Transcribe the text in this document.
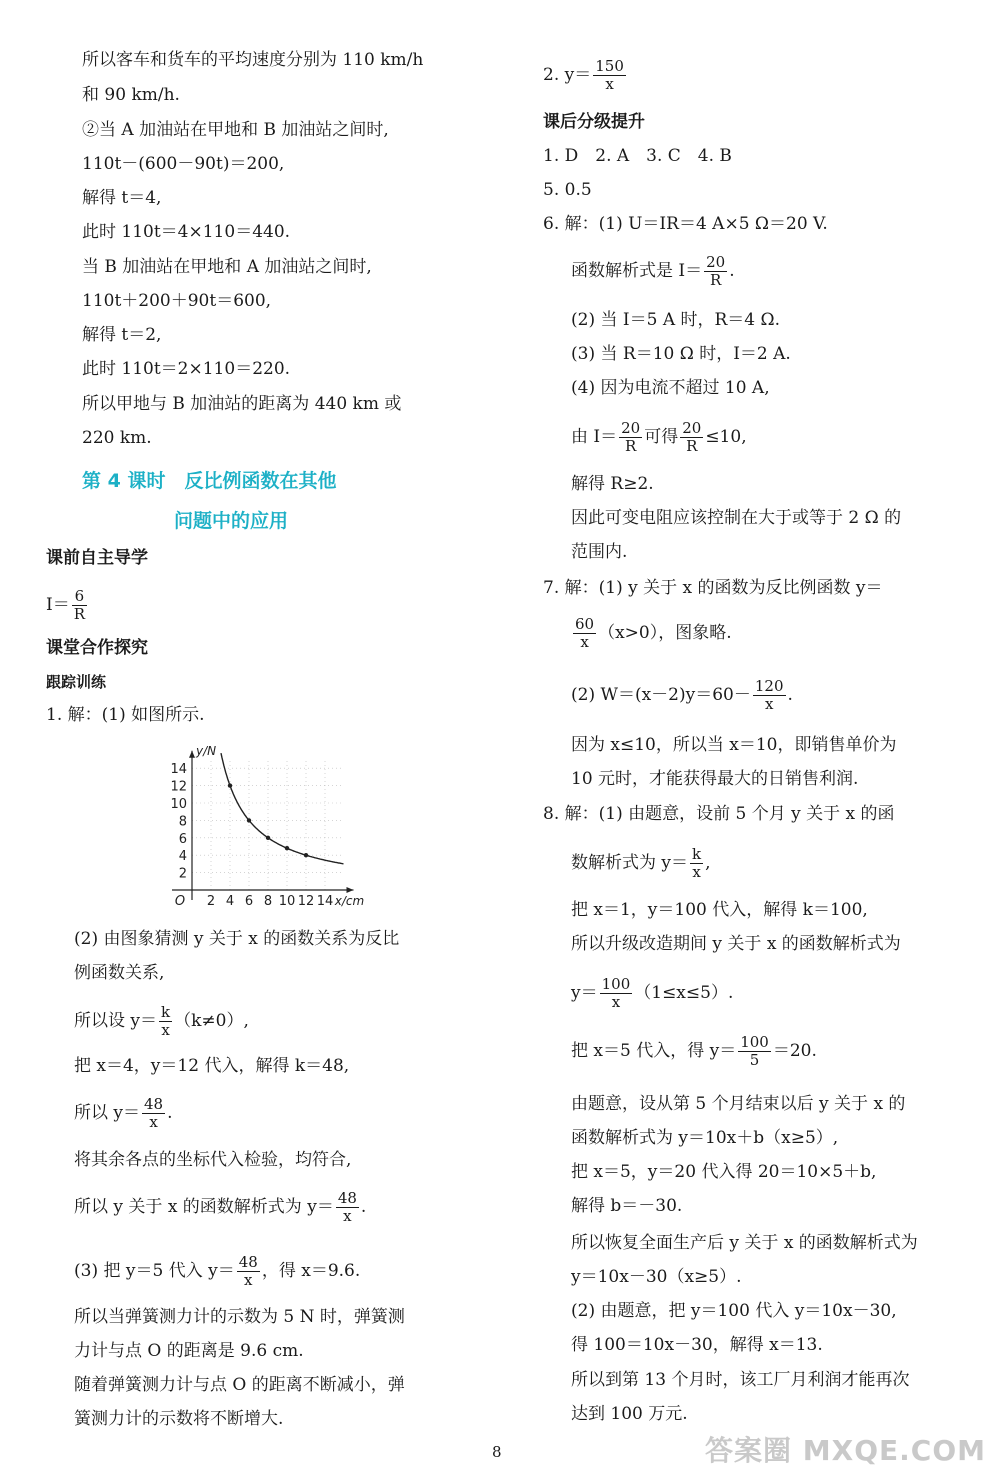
所以客车和货车的平均速度分别为 110 km/h
和 90 km/h.
②当 A 加油站在甲地和 B 加油站之间时,
110t－(600－90t)＝200,
解得 t＝4,
此时 110t＝4×110＝440.
当 B 加油站在甲地和 A 加油站之间时,
110t＋200＋90t＝600,
解得 t＝2,
此时 110t＝2×110＝220.
所以甲地与 B 加油站的距离为 440 km 或
220 km.
第 4 课时　反比例函数在其他
问题中的应用
课前自主导学
$I= \frac{6}{R}$
课堂合作探究
跟踪训练
1. 解：(1) 如图所示.
2 4 6 8 10 12 14
2
4
6
8
10
12
14
O	x/cm
y/N
(2) 由图象猜测 y 关于 x 的函数关系为反比
例函数关系,
所以设 $y= \frac{k}{x} (k\ne 0)$,
把 x＝4，y＝12 代入，解得 k＝48,
所以 $y= \frac{48}{x}$ .
将其余各点的坐标代入检验，均符合,
所以 y 关于 x 的函数解析式为 $y= \frac{48}{x}$ .
(3) 把 y＝5 代入 $y= \frac{48}{x}$ ，得 x＝9.6.
所以当弹簧测力计的示数为 5 N 时，弹簧测
力计与点 O 的距离是 9.6 cm.
随着弹簧测力计与点 O 的距离不断减小，弹
簧测力计的示数将不断增大.
2. $y= \frac{150}{x}$
课后分级提升
1. D　2. A　3. C　4. B
5. 0.5
6. 解：(1) U＝IR＝4 A×5 Ω＝20 V.
函数解析式是 $I= \frac{20}{R}$ .
(2) 当 I＝5 A 时，R＝4 Ω.
(3) 当 R＝10 Ω 时，I＝2 A.
(4) 因为电流不超过 10 A,
由 $I= \frac{20}{R}$ 可得 $\frac{20}{R} \le 10$,
解得 R≥2.
因此可变电阻应该控制在大于或等于 2 Ω 的
范围内.
7. 解：(1) y 关于 x 的函数为反比例函数 y＝
$\frac{60}{x} (x>0)$，图象略.
(2) $W=(x-2)y=60- \frac{120}{x}$ .
因为 x≤10，所以当 x＝10，即销售单价为
10 元时，才能获得最大的日销售利润.
8. 解：(1) 由题意，设前 5 个月 y 关于 x 的函
数解析式为 $y= \frac{k}{x}$ ,
把 x＝1，y＝100 代入，解得 k＝100,
所以升级改造期间 y 关于 x 的函数解析式为
$y= \frac{100}{x} (1\le x\le 5)$.
把 x＝5 代入，得 $y= \frac{100}{5} =20$.
由题意，设从第 5 个月结束以后 y 关于 x 的
函数解析式为 y＝10x＋b（x≥5）,
把 x＝5，y＝20 代入得 20＝10×5＋b,
解得 b＝－30.
所以恢复全面生产后 y 关于 x 的函数解析式为
y＝10x－30（x≥5）.
(2) 由题意，把 y＝100 代入 y＝10x－30,
得 100＝10x－30，解得 x＝13.
所以到第 13 个月时，该工厂月利润才能再次
达到 100 万元.
8	答案圈 MXQE.COM
